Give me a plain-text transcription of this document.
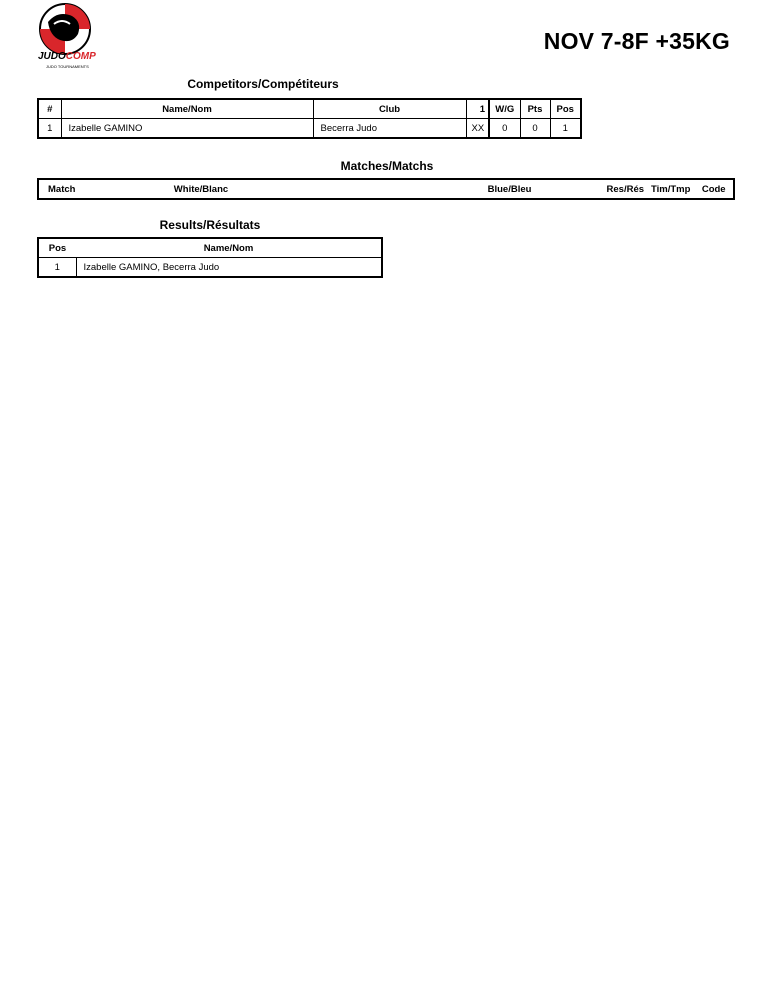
JUDOCOMP
JUDO TOURNAMENTS
NOV 7-8F +35KG
Competitors/Compétiteurs
#	Name/Nom	Club	1	W/G	Pts	Pos
1	Izabelle GAMINO	Becerra Judo	XX	0	0	1
Matches/Matchs
Match	White/Blanc	Blue/Bleu	Res/Rés	Tim/Tmp	Code
Results/Résultats
Pos	Name/Nom
1	Izabelle GAMINO, Becerra Judo
